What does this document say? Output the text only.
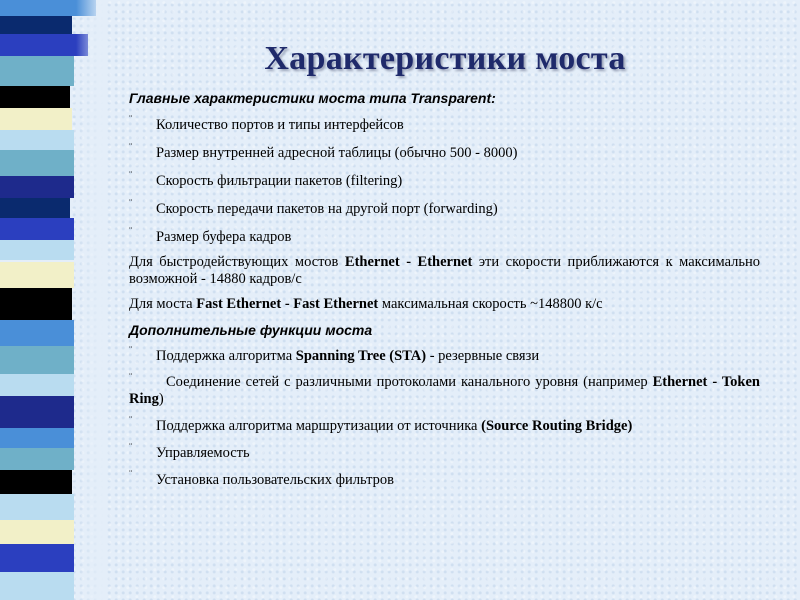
Характеристики моста

Главные характеристики моста типа Transparent:

¨ Количество портов и типы интерфейсов
¨ Размер внутренней адресной таблицы (обычно 500 - 8000)
¨ Скорость фильтрации пакетов (filtering)
¨ Скорость передачи пакетов на другой порт (forwarding)
¨ Размер буфера кадров
Для быстродействующих мостов Ethernet - Ethernet эти скорости приближаются к максимально возможной - 14880 кадров/с
Для моста Fast Ethernet - Fast Ethernet максимальная скорость ~148800 к/с

Дополнительные функции моста

¨ Поддержка алгоритма Spanning Tree (STA) - резервные связи
¨ Соединение сетей с различными протоколами канального уровня (например Ethernet - Token Ring)
¨ Поддержка алгоритма маршрутизации от источника (Source Routing Bridge)
¨ Управляемость
¨ Установка пользовательских фильтров
